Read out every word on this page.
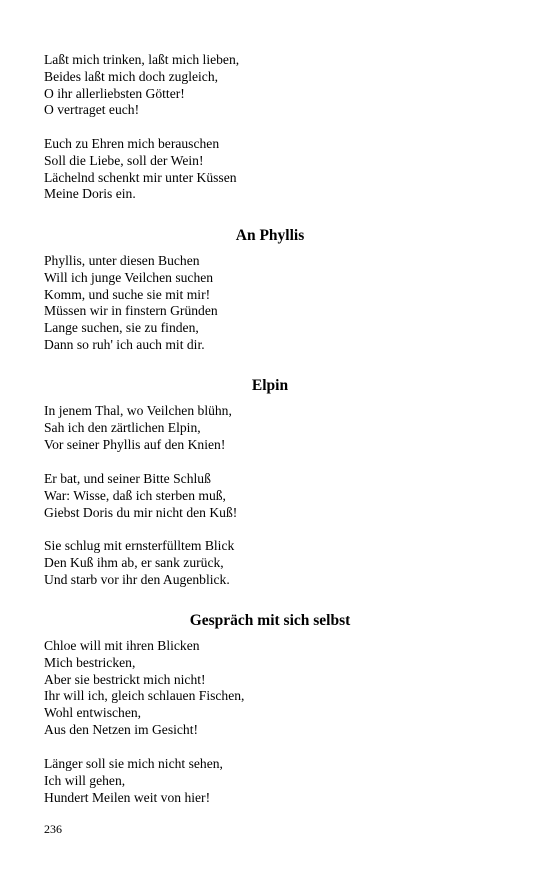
Laßt mich trinken, laßt mich lieben,
Beides laßt mich doch zugleich,
O ihr allerliebsten Götter!
O vertraget euch!
Euch zu Ehren mich berauschen
Soll die Liebe, soll der Wein!
Lächelnd schenkt mir unter Küssen
Meine Doris ein.
An Phyllis
Phyllis, unter diesen Buchen
Will ich junge Veilchen suchen
Komm, und suche sie mit mir!
Müssen wir in finstern Gründen
Lange suchen, sie zu finden,
Dann so ruh' ich auch mit dir.
Elpin
In jenem Thal, wo Veilchen blühn,
Sah ich den zärtlichen Elpin,
Vor seiner Phyllis auf den Knien!
Er bat, und seiner Bitte Schluß
War: Wisse, daß ich sterben muß,
Giebst Doris du mir nicht den Kuß!
Sie schlug mit ernsterfülltem Blick
Den Kuß ihm ab, er sank zurück,
Und starb vor ihr den Augenblick.
Gespräch mit sich selbst
Chloe will mit ihren Blicken
Mich bestricken,
Aber sie bestrickt mich nicht!
Ihr will ich, gleich schlauen Fischen,
Wohl entwischen,
Aus den Netzen im Gesicht!
Länger soll sie mich nicht sehen,
Ich will gehen,
Hundert Meilen weit von hier!
236
